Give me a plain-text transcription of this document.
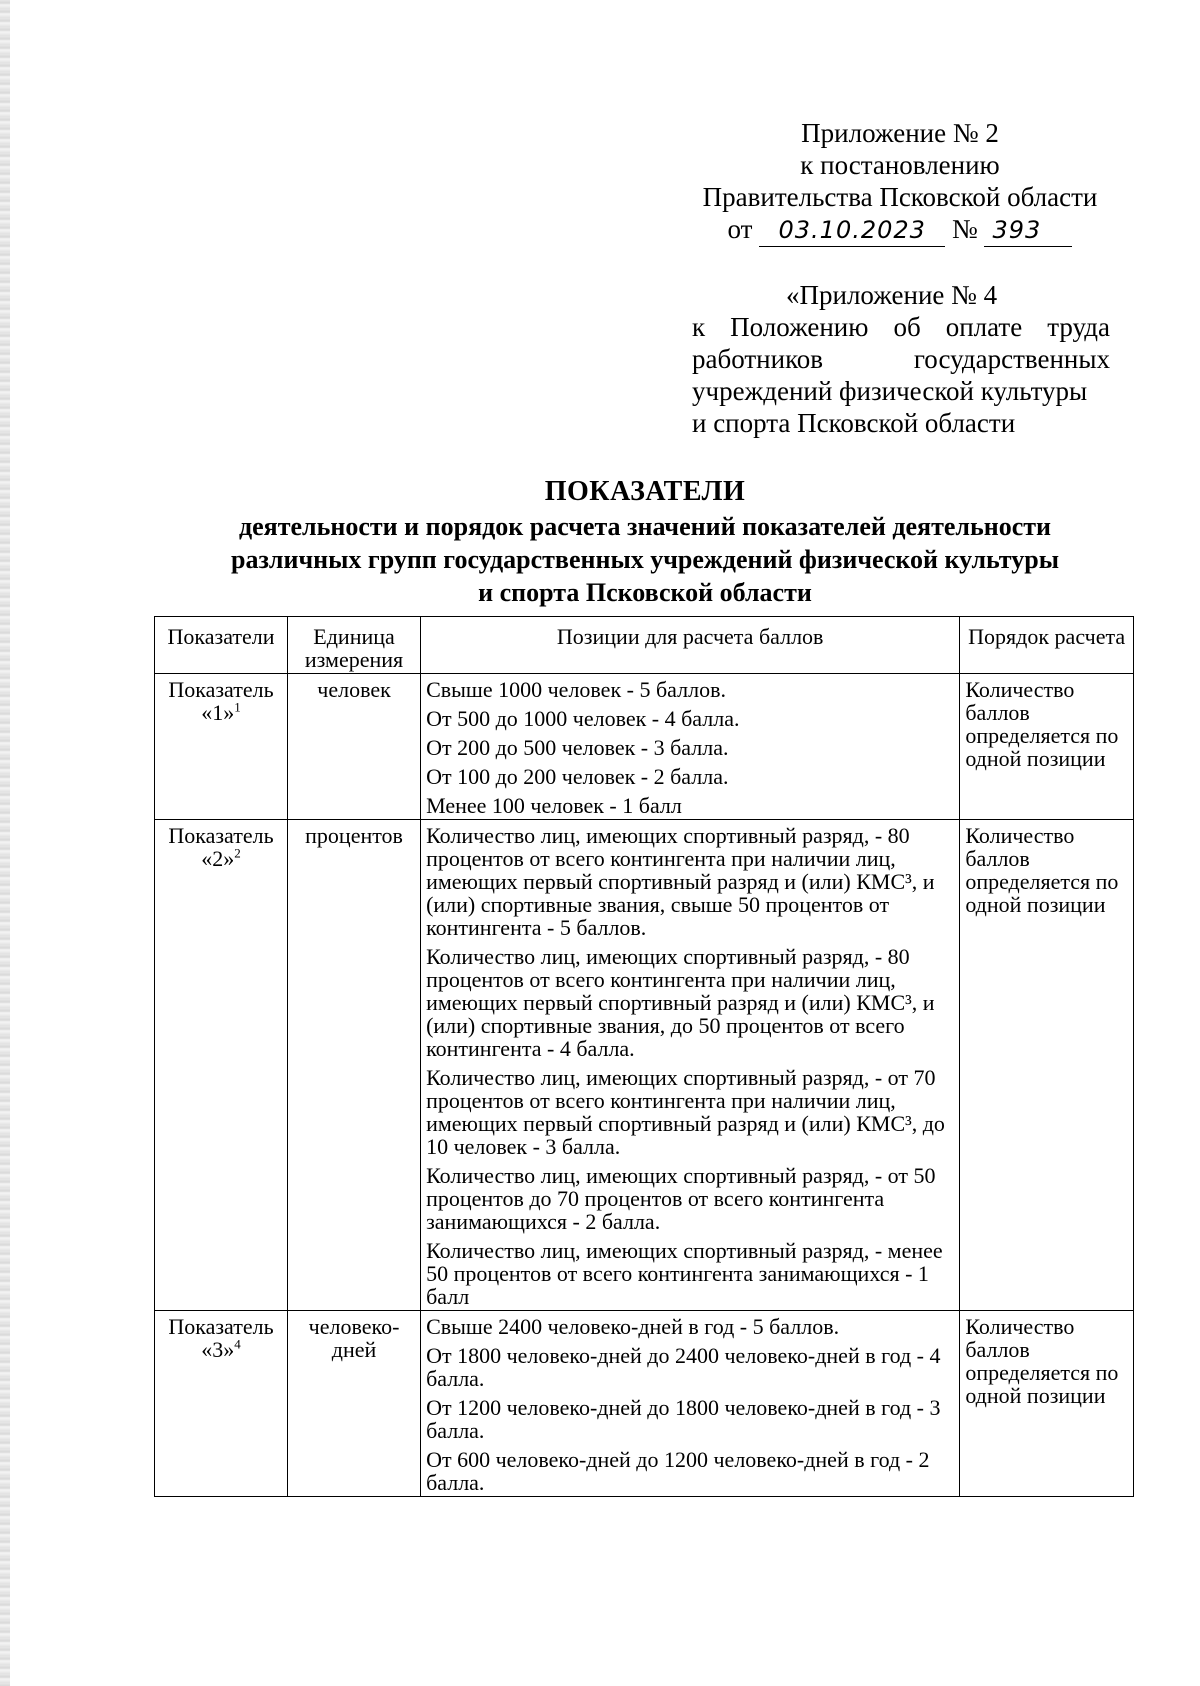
Приложение № 2
к постановлению
Правительства Псковской области
от 03.10.2023 № 393
«Приложение № 4
к Положению об оплате труда
работников государственных
учреждений физической культуры
и спорта Псковской области
ПОКАЗАТЕЛИ
деятельности и порядок расчета значений показателей деятельности
различных групп государственных учреждений физической культуры
и спорта Псковской области
Показатели	Единица измерения	Позиции для расчета баллов	Порядок расчета
Показатель «1»$^1$	человек	Свыше 1000 человек - 5 баллов.
От 500 до 1000 человек - 4 балла.
От 200 до 500 человек - 3 балла.
От 100 до 200 человек - 2 балла.
Менее 100 человек - 1 балл	Количество баллов определяется по одной позиции
Показатель «2»$^2$	процентов	Количество лиц, имеющих спортивный разряд, - 80 процентов от всего контингента при наличии лиц, имеющих первый спортивный разряд и (или) КМС³, и (или) спортивные звания, свыше 50 процентов от контингента - 5 баллов.
Количество лиц, имеющих спортивный разряд, - 80 процентов от всего контингента при наличии лиц, имеющих первый спортивный разряд и (или) КМС³, и (или) спортивные звания, до 50 процентов от всего контингента - 4 балла.
Количество лиц, имеющих спортивный разряд, - от 70 процентов от всего контингента при наличии лиц, имеющих первый спортивный разряд и (или) КМС³, до 10 человек - 3 балла.
Количество лиц, имеющих спортивный разряд, - от 50 процентов до 70 процентов от всего контингента занимающихся - 2 балла.
Количество лиц, имеющих спортивный разряд, - менее 50 процентов от всего контингента занимающихся - 1 балл	Количество баллов определяется по одной позиции
Показатель «3»$^4$	человеко-дней	Свыше 2400 человеко-дней в год - 5 баллов.
От 1800 человеко-дней до 2400 человеко-дней в год - 4 балла.
От 1200 человеко-дней до 1800 человеко-дней в год - 3 балла.
От 600 человеко-дней до 1200 человеко-дней в год - 2 балла.	Количество баллов определяется по одной позиции
